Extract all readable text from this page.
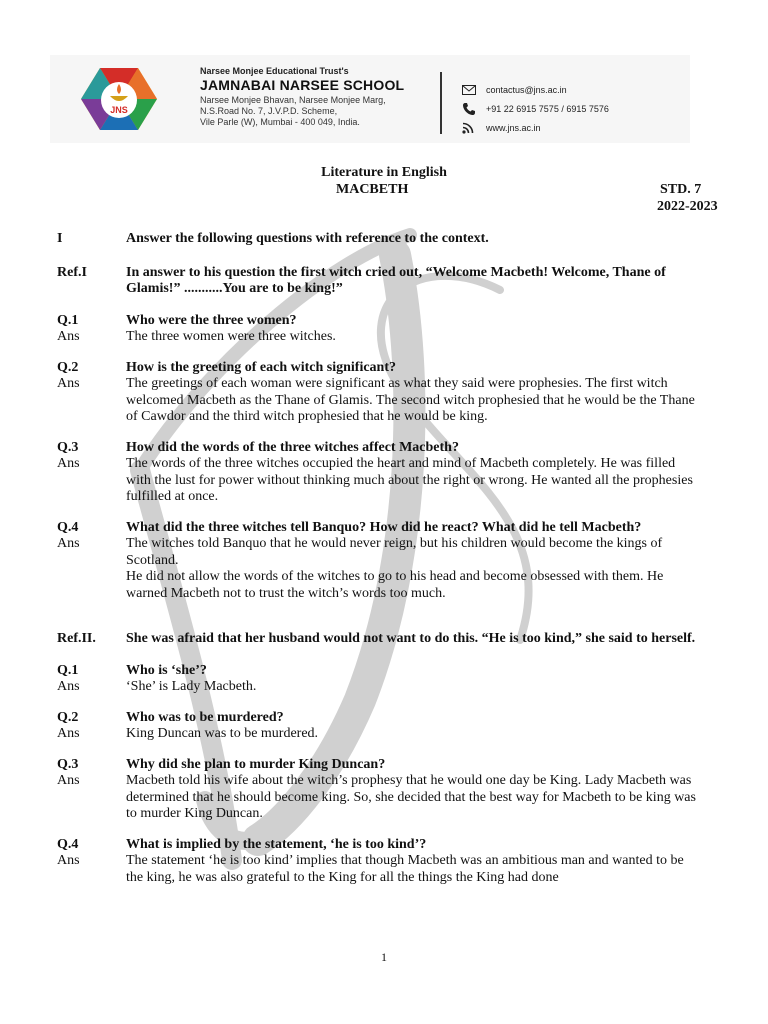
JNS
Narsee Monjee Educational Trust's
JAMNABAI NARSEE SCHOOL
Narsee Monjee Bhavan, Narsee Monjee Marg,
N.S.Road No. 7, J.V.P.D. Scheme,
Vile Parle (W), Mumbai - 400 049, India.
contactus@jns.ac.in
+91 22 6915 7575 / 6915 7576
www.jns.ac.in
Literature in English
MACBETH	STD. 7
2022-2023
I	Answer the following questions with reference to the context.
Ref.I	In answer to his question the first witch cried out, “Welcome Macbeth! Welcome, Thane of Glamis!” ...........You are to be king!”
Q.1	Who were the three women?
Ans	The three women were three witches.
Q.2	How is the greeting of each witch significant?
Ans	The greetings of each woman were significant as what they said were prophesies. The first witch welcomed Macbeth as the Thane of Glamis. The second witch prophesied that he would be the Thane of Cawdor and the third witch prophesied that he would be king.
Q.3	How did the words of the three witches affect Macbeth?
Ans	The words of the three witches occupied the heart and mind of Macbeth completely. He was filled with the lust for power without thinking much about the right or wrong. He wanted all the prophesies fulfilled at once.
Q.4	What did the three witches tell Banquo? How did he react? What did he tell Macbeth?
Ans	The witches told Banquo that he would never reign, but his children would become the kings of Scotland.
He did not allow the words of the witches to go to his head and become obsessed with them. He warned Macbeth not to trust the witch’s words too much.
Ref.II.	She was afraid that her husband would not want to do this. “He is too kind,” she said to herself.
Q.1	Who is ‘she’?
Ans	‘She’ is Lady Macbeth.
Q.2	Who was to be murdered?
Ans	King Duncan was to be murdered.
Q.3	Why did she plan to murder King Duncan?
Ans	Macbeth told his wife about the witch’s prophesy that he would one day be King. Lady Macbeth was determined that he should become king. So, she decided that the best way for Macbeth to be king was to murder King Duncan.
Q.4	What is implied by the statement, ‘he is too kind’?
Ans	The statement ‘he is too kind’ implies that though Macbeth was an ambitious man and wanted to be the king, he was also grateful to the King for all the things the King had done
1
